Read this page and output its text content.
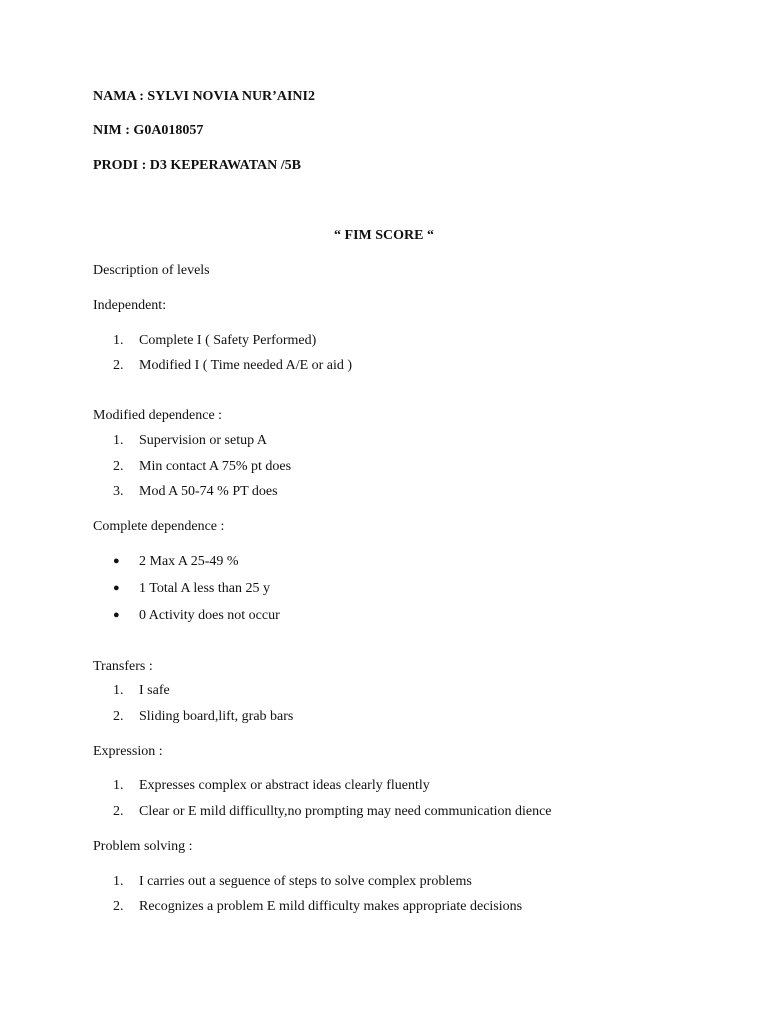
NAMA : SYLVI NOVIA NUR’AINI2
NIM : G0A018057
PRODI : D3 KEPERAWATAN /5B
“ FIM SCORE “
Description of levels
Independent:
1. Complete I ( Safety Performed)
2. Modified I ( Time needed A/E or aid )
Modified dependence :
1. Supervision or setup A
2. Min contact A 75% pt does
3. Mod A 50-74 % PT does
Complete dependence :
● 2 Max A 25-49 %
● 1 Total A less than 25 y
● 0 Activity does not occur
Transfers :
1. I safe
2. Sliding board,lift, grab bars
Expression :
1. Expresses complex or abstract ideas clearly fluently
2. Clear or E mild difficullty,no prompting may need communication dience
Problem solving :
1. I carries out a seguence of steps to solve complex problems
2. Recognizes a problem E mild difficulty makes appropriate decisions
